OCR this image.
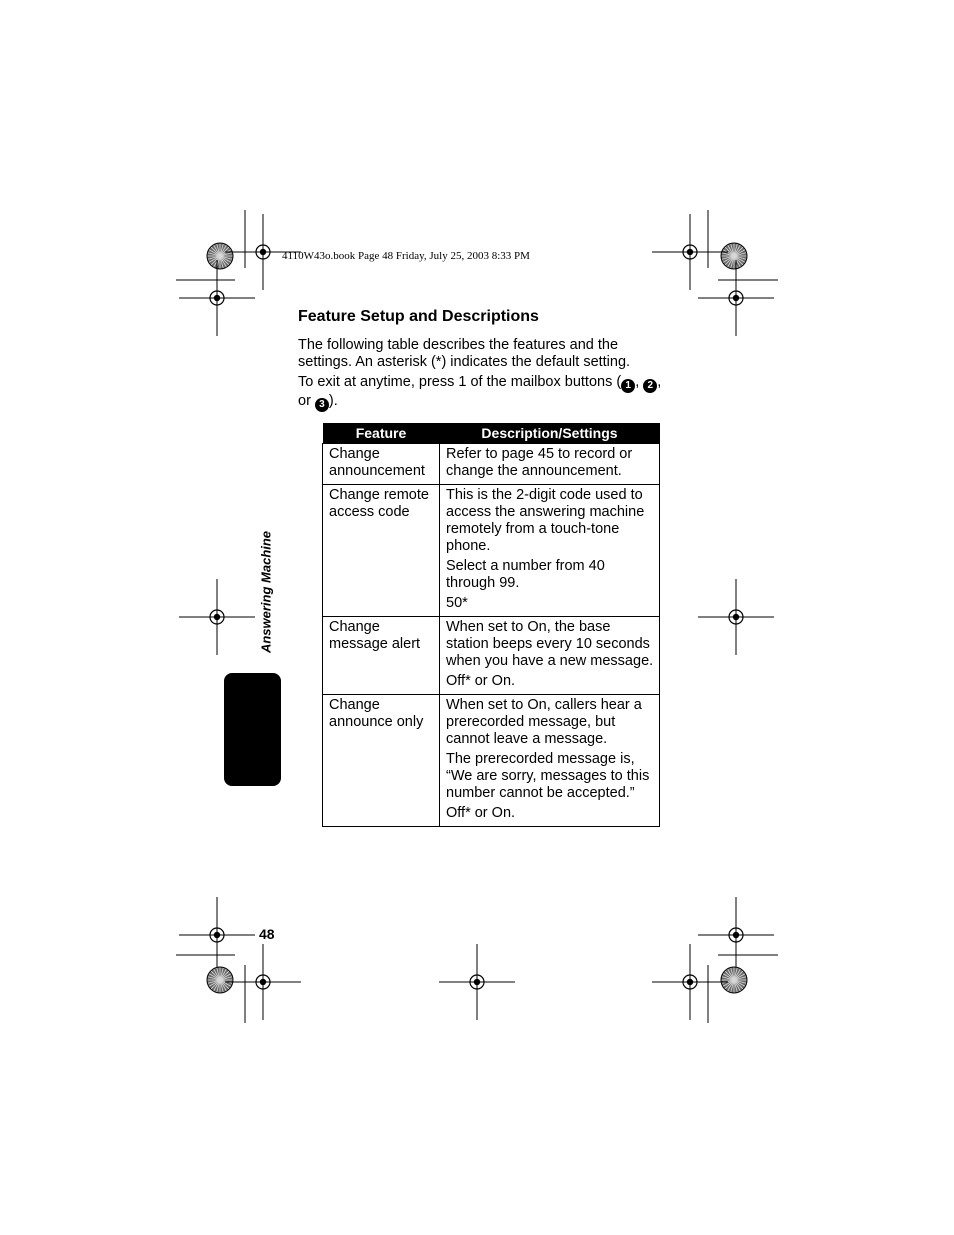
4110W43o.book Page 48 Friday, July 25, 2003 8:33 PM
Feature Setup and Descriptions

The following table describes the features and the settings. An asterisk (*) indicates the default setting.

To exit at anytime, press 1 of the mailbox buttons ( 1 , 2 , or 3 ).

Feature	Description/Settings
Change announcement	Refer to page 45 to record or change the announcement.

Change remote access code	This is the 2-digit code used to access the answering machine remotely from a touch-tone phone.

Select a number from 40 through 99.

50*

Change message alert	When set to On, the base station beeps every 10 seconds when you have a new message.

Off* or On.

Change announce only	When set to On, callers hear a prerecorded message, but cannot leave a message.

The prerecorded message is, “We are sorry, messages to this number cannot be accepted.”

Off* or On.

Answering Machine
48
